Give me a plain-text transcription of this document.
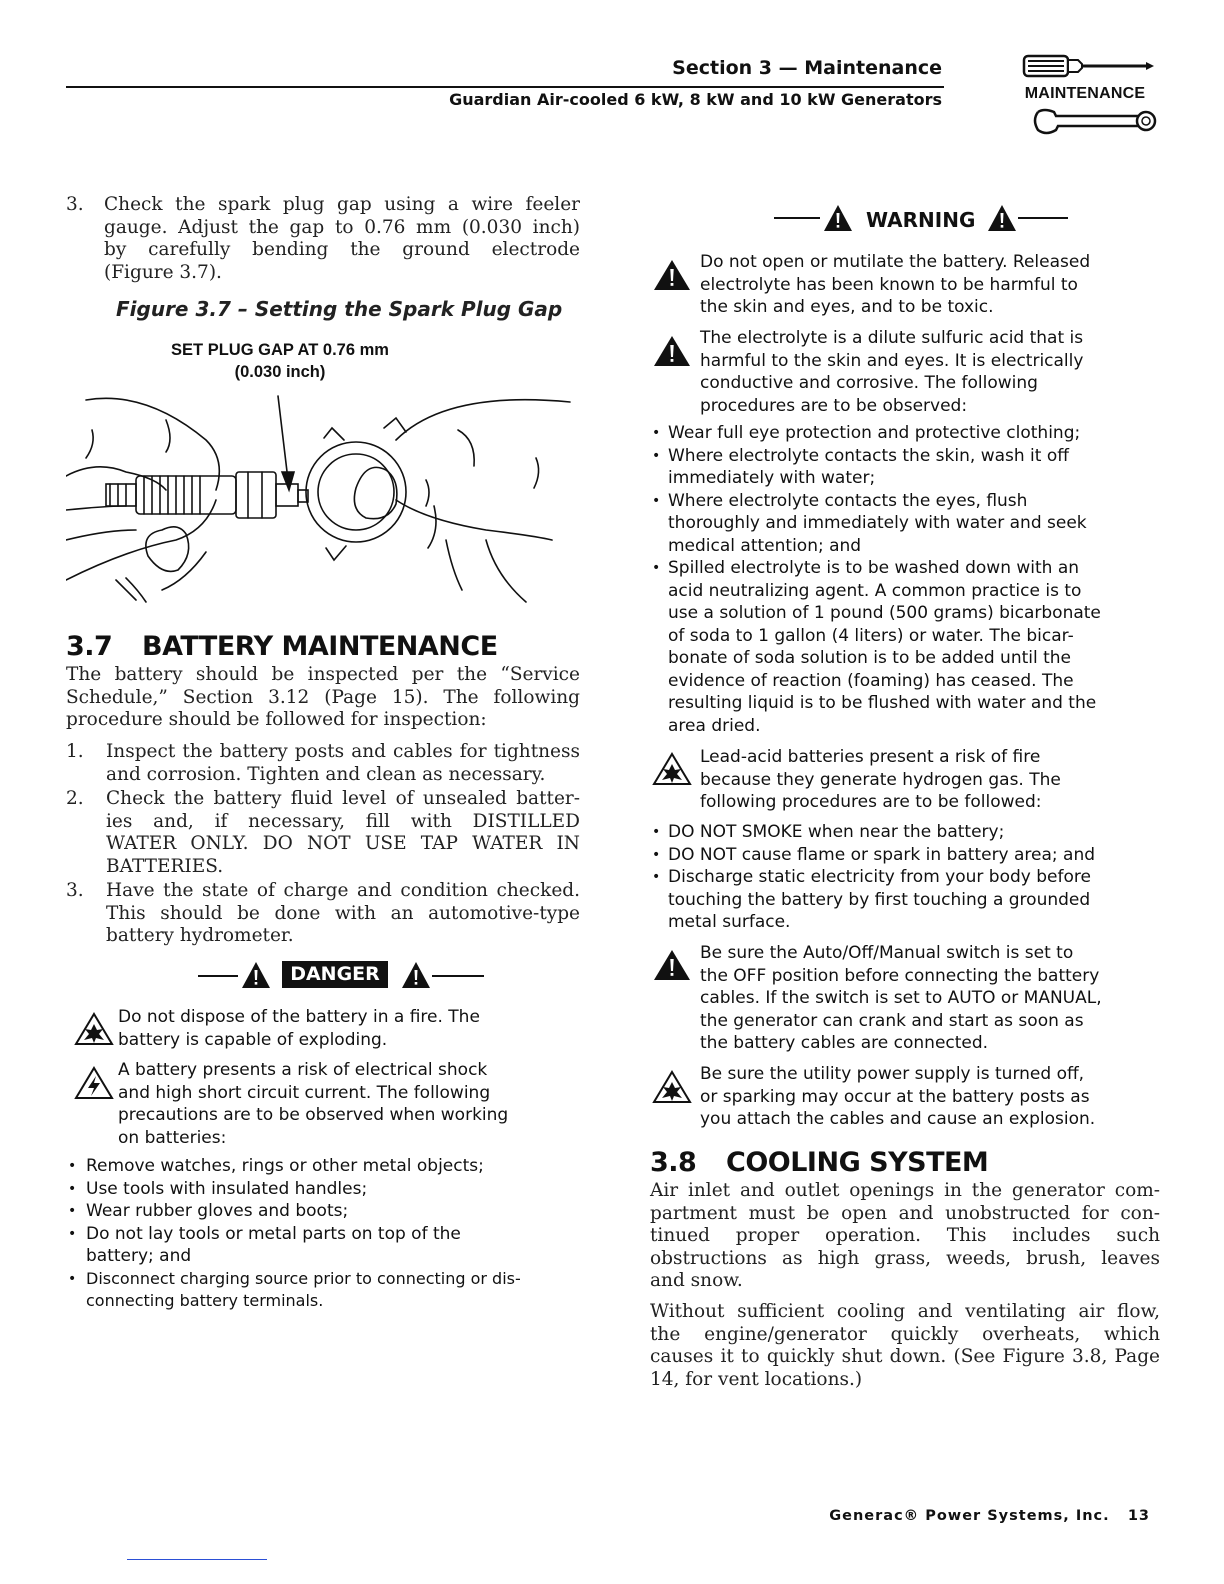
Section 3 — Maintenance
Guardian Air-cooled 6 kW, 8 kW and 10 kW Generators	MAINTENANCE
3. Check the spark plug gap using a wire feeler
gauge. Adjust the gap to 0.76 mm (0.030 inch)
by carefully bending the ground electrode
(Figure 3.7).
Figure 3.7 – Setting the Spark Plug Gap
SET PLUG GAP AT 0.76 mm
(0.030 inch)
3.7 BATTERY MAINTENANCE
The battery should be inspected per the “Service
Schedule,” Section 3.12 (Page 15). The following
procedure should be followed for inspection:
1. Inspect the battery posts and cables for tightness
and corrosion. Tighten and clean as necessary.
2. Check the battery fluid level of unsealed batter-
ies and, if necessary, fill with DISTILLED
WATER ONLY. DO NOT USE TAP WATER IN
BATTERIES.
3. Have the state of charge and condition checked.
This should be done with an automotive-type
battery hydrometer.
DANGER
Do not dispose of the battery in a fire. The
battery is capable of exploding.
A battery presents a risk of electrical shock
and high short circuit current. The following
precautions are to be observed when working
on batteries:
• Remove watches, rings or other metal objects;
• Use tools with insulated handles;
• Wear rubber gloves and boots;
• Do not lay tools or metal parts on top of the
battery; and
• Disconnect charging source prior to connecting or dis-
connecting battery terminals.
WARNING
Do not open or mutilate the battery. Released
electrolyte has been known to be harmful to
the skin and eyes, and to be toxic.
The electrolyte is a dilute sulfuric acid that is
harmful to the skin and eyes. It is electrically
conductive and corrosive. The following
procedures are to be observed:
• Wear full eye protection and protective clothing;
• Where electrolyte contacts the skin, wash it off
immediately with water;
• Where electrolyte contacts the eyes, flush
thoroughly and immediately with water and seek
medical attention; and
• Spilled electrolyte is to be washed down with an
acid neutralizing agent. A common practice is to
use a solution of 1 pound (500 grams) bicarbonate
of soda to 1 gallon (4 liters) or water. The bicar-
bonate of soda solution is to be added until the
evidence of reaction (foaming) has ceased. The
resulting liquid is to be flushed with water and the
area dried.
Lead-acid batteries present a risk of fire
because they generate hydrogen gas. The
following procedures are to be followed:
• DO NOT SMOKE when near the battery;
• DO NOT cause flame or spark in battery area; and
• Discharge static electricity from your body before
touching the battery by first touching a grounded
metal surface.
Be sure the Auto/Off/Manual switch is set to
the OFF position before connecting the battery
cables. If the switch is set to AUTO or MANUAL,
the generator can crank and start as soon as
the battery cables are connected.
Be sure the utility power supply is turned off,
or sparking may occur at the battery posts as
you attach the cables and cause an explosion.
3.8 COOLING SYSTEM
Air inlet and outlet openings in the generator com-
partment must be open and unobstructed for con-
tinued proper operation. This includes such
obstructions as high grass, weeds, brush, leaves
and snow.
Without sufficient cooling and ventilating air flow,
the engine/generator quickly overheats, which
causes it to quickly shut down. (See Figure 3.8, Page
14, for vent locations.)
Generac® Power Systems, Inc. 13
